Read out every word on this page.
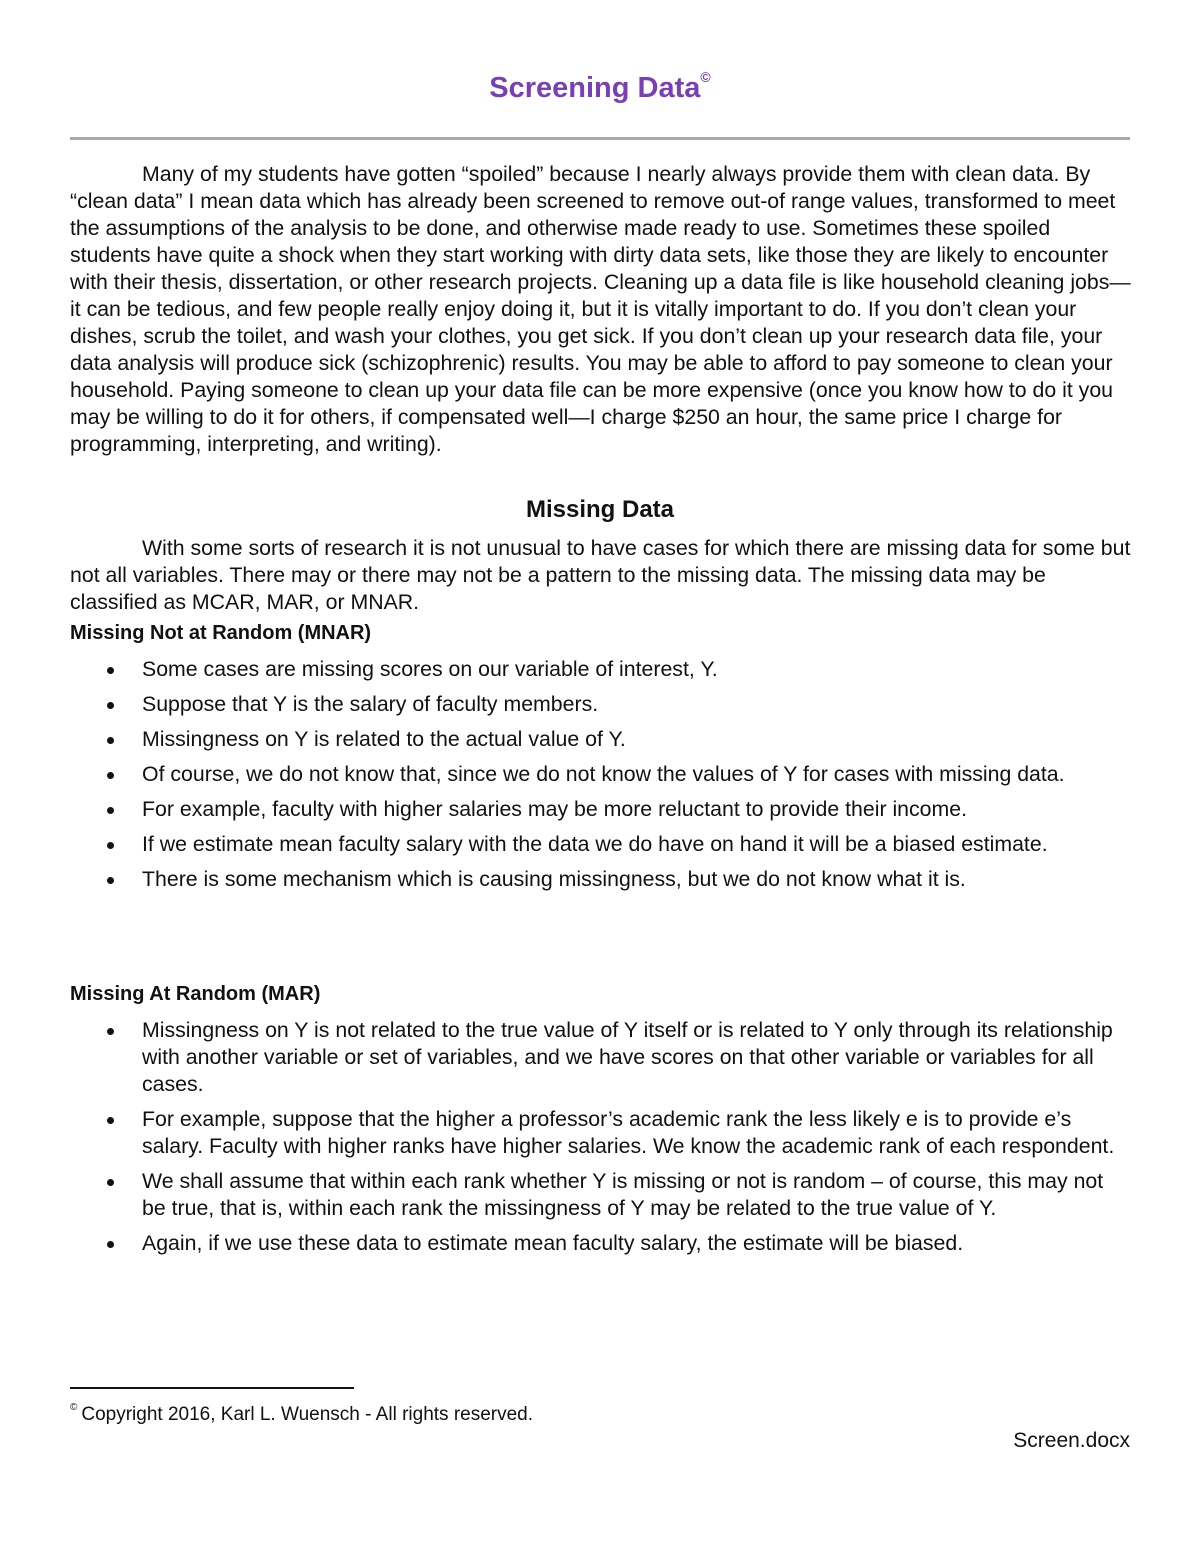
Screening Data©

Many of my students have gotten “spoiled” because I nearly always provide them with clean data. By “clean data” I mean data which has already been screened to remove out-of range values, transformed to meet the assumptions of the analysis to be done, and otherwise made ready to use. Sometimes these spoiled students have quite a shock when they start working with dirty data sets, like those they are likely to encounter with their thesis, dissertation, or other research projects. Cleaning up a data file is like household cleaning jobs—it can be tedious, and few people really enjoy doing it, but it is vitally important to do. If you don’t clean your dishes, scrub the toilet, and wash your clothes, you get sick. If you don’t clean up your research data file, your data analysis will produce sick (schizophrenic) results. You may be able to afford to pay someone to clean your household. Paying someone to clean up your data file can be more expensive (once you know how to do it you may be willing to do it for others, if compensated well—I charge $250 an hour, the same price I charge for programming, interpreting, and writing).

Missing Data

With some sorts of research it is not unusual to have cases for which there are missing data for some but not all variables. There may or there may not be a pattern to the missing data. The missing data may be classified as MCAR, MAR, or MNAR.

Missing Not at Random (MNAR)
Some cases are missing scores on our variable of interest, Y.
Suppose that Y is the salary of faculty members.
Missingness on Y is related to the actual value of Y.
Of course, we do not know that, since we do not know the values of Y for cases with missing data.
For example, faculty with higher salaries may be more reluctant to provide their income.
If we estimate mean faculty salary with the data we do have on hand it will be a biased estimate.
There is some mechanism which is causing missingness, but we do not know what it is.
Missing At Random (MAR)
Missingness on Y is not related to the true value of Y itself or is related to Y only through its relationship with another variable or set of variables, and we have scores on that other variable or variables for all cases.
For example, suppose that the higher a professor’s academic rank the less likely e is to provide e’s salary. Faculty with higher ranks have higher salaries. We know the academic rank of each respondent.
We shall assume that within each rank whether Y is missing or not is random – of course, this may not be true, that is, within each rank the missingness of Y may be related to the true value of Y.
Again, if we use these data to estimate mean faculty salary, the estimate will be biased.

© Copyright 2016, Karl L. Wuensch - All rights reserved.

Screen.docx
